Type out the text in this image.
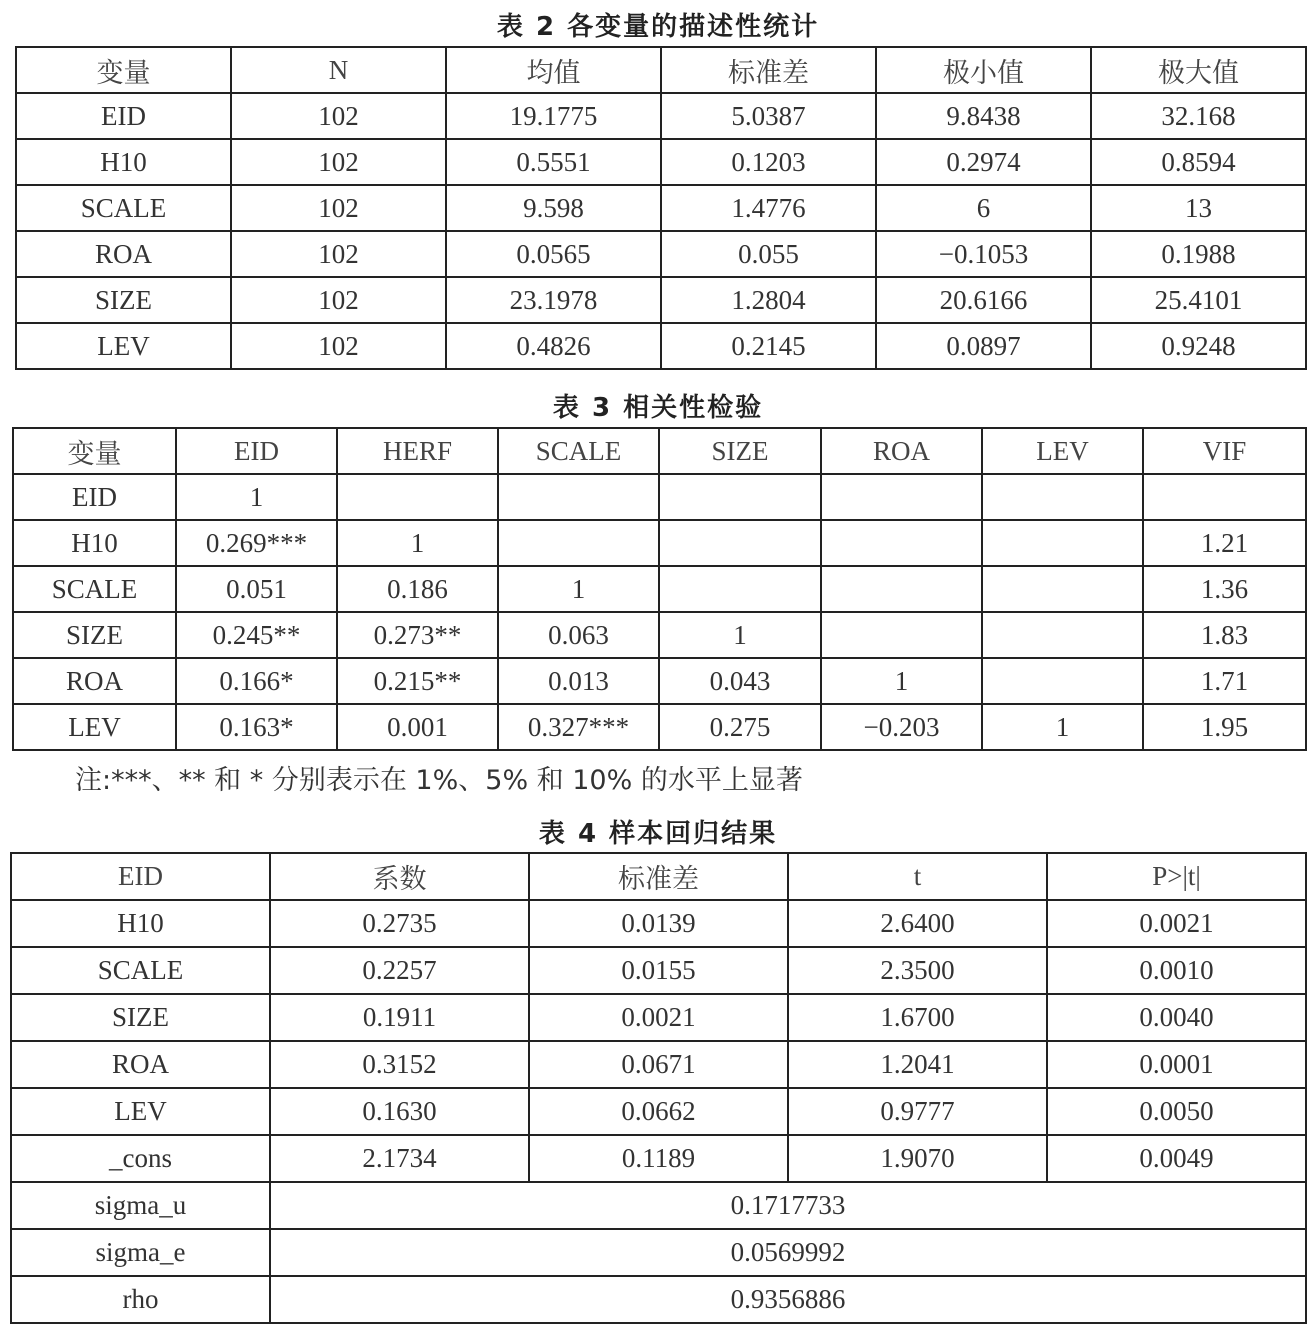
表 2 各变量的描述性统计
变量	N	均值	标准差	极小值	极大值
EID	102	19.1775	5.0387	9.8438	32.168
H10	102	0.5551	0.1203	0.2974	0.8594
SCALE	102	9.598	1.4776	6	13
ROA	102	0.0565	0.055	−0.1053	0.1988
SIZE	102	23.1978	1.2804	20.6166	25.4101
LEV	102	0.4826	0.2145	0.0897	0.9248
表 3 相关性检验
变量	EID	HERF	SCALE	SIZE	ROA	LEV	VIF
EID	1						
H10	0.269***	1					1.21
SCALE	0.051	0.186	1				1.36
SIZE	0.245**	0.273**	0.063	1			1.83
ROA	0.166*	0.215**	0.013	0.043	1		1.71
LEV	0.163*	0.001	0.327***	0.275	−0.203	1	1.95
注:***、** 和 * 分别表示在 1%、5% 和 10% 的水平上显著
表 4 样本回归结果
EID	系数	标准差	t	P>|t|
H10	0.2735	0.0139	2.6400	0.0021
SCALE	0.2257	0.0155	2.3500	0.0010
SIZE	0.1911	0.0021	1.6700	0.0040
ROA	0.3152	0.0671	1.2041	0.0001
LEV	0.1630	0.0662	0.9777	0.0050
_cons	2.1734	0.1189	1.9070	0.0049
sigma_u	0.1717733			
sigma_e	0.0569992			
rho	0.9356886			
